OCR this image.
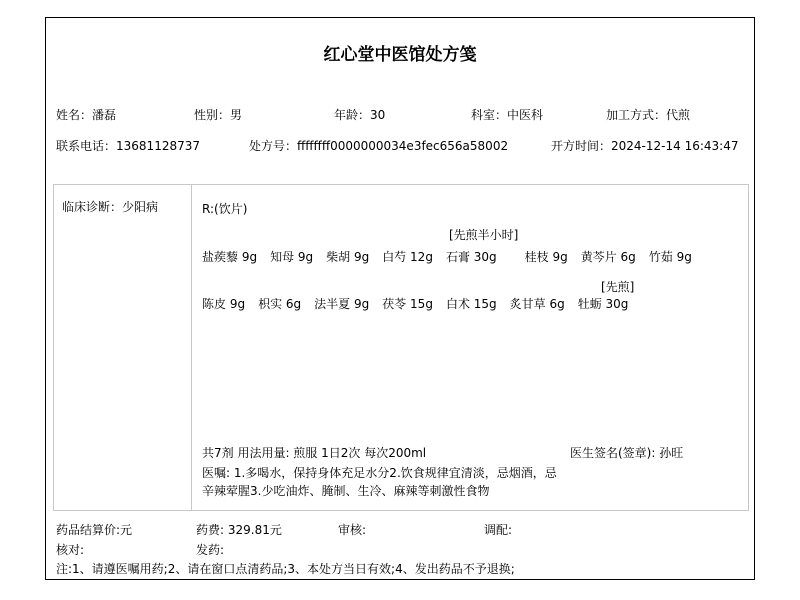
红心堂中医馆处方笺
姓名：潘磊	性别：男	年龄：30	科室：中医科	加工方式：代煎
联系电话：13681128737	处方号：ffffffff0000000034e3fec656a58002	开方时间：2024-12-14 16:43:47
临床诊断：少阳病	R:(饮片)
[先煎半小时]
盐蒺藜 9g 知母 9g 柴胡 9g 白芍 12g 石膏 30g 桂枝 9g 黄芩片 6g 竹茹 9g
[先煎]
陈皮 9g 枳实 6g 法半夏 9g 茯苓 15g 白术 15g 炙甘草 6g 牡蛎 30g
共7剂 用法用量: 煎服 1日2次 每次200ml	医生签名(签章): 孙旺
医嘱: 1.多喝水，保持身体充足水分2.饮食规律宜清淡，忌烟酒，忌
辛辣荤腥3.少吃油炸、腌制、生冷、麻辣等刺激性食物
药品结算价:元	药费: 329.81元	审核:	调配:
核对:	发药:
注:1、请遵医嘱用药;2、请在窗口点清药品;3、本处方当日有效;4、发出药品不予退换;
